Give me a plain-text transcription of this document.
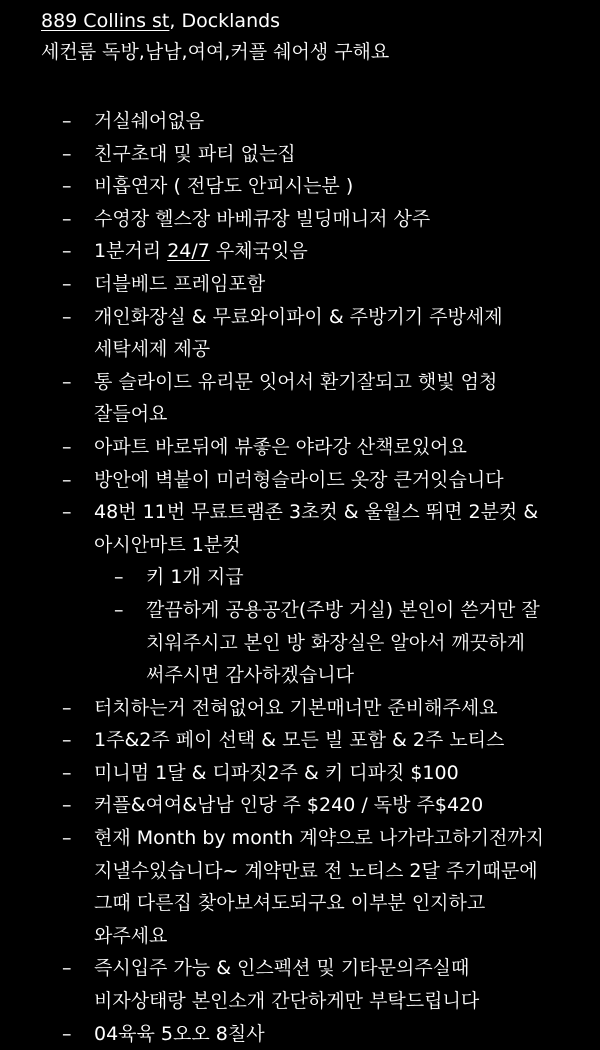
889 Collins st, Docklands
세컨룸 독방,남남,여여,커플 쉐어생 구해요
– 거실쉐어없음
– 친구초대 및 파티 없는집
– 비흡연자 ( 전담도 안피시는분 )
– 수영장 헬스장 바베큐장 빌딩매니저 상주
– 1분거리 24/7 우체국잇음
– 더블베드 프레임포함
– 개인화장실 & 무료와이파이 & 주방기기 주방세제 세탁세제 제공
– 통 슬라이드 유리문 잇어서 환기잘되고 햇빛 엄청 잘들어요
– 아파트 바로뒤에 뷰좋은 야라강 산책로있어요
– 방안에 벽붙이 미러형슬라이드 옷장 큰거잇습니다
– 48번 11번 무료트램존 3초컷 & 울월스 뛰면 2분컷 & 아시안마트 1분컷
– 키 1개 지급
– 깔끔하게 공용공간(주방 거실) 본인이 쓴거만 잘 치워주시고 본인 방 화장실은 알아서 깨끗하게 써주시면 감사하겠습니다
– 터치하는거 전혀없어요 기본매너만 준비해주세요
– 1주&2주 페이 선택 & 모든 빌 포함 & 2주 노티스
– 미니멈 1달 & 디파짓2주 & 키 디파짓 $100
– 커플&여여&남남 인당 주 $240 / 독방 주$420
– 현재 Month by month 계약으로 나가라고하기전까지 지낼수있습니다~ 계약만료 전 노티스 2달 주기때문에 그때 다른집 찾아보셔도되구요 이부분 인지하고 와주세요
– 즉시입주 가능 & 인스펙션 및 기타문의주실때 비자상태랑 본인소개 간단하게만 부탁드립니다
– 04육육 5오오 8칠사
